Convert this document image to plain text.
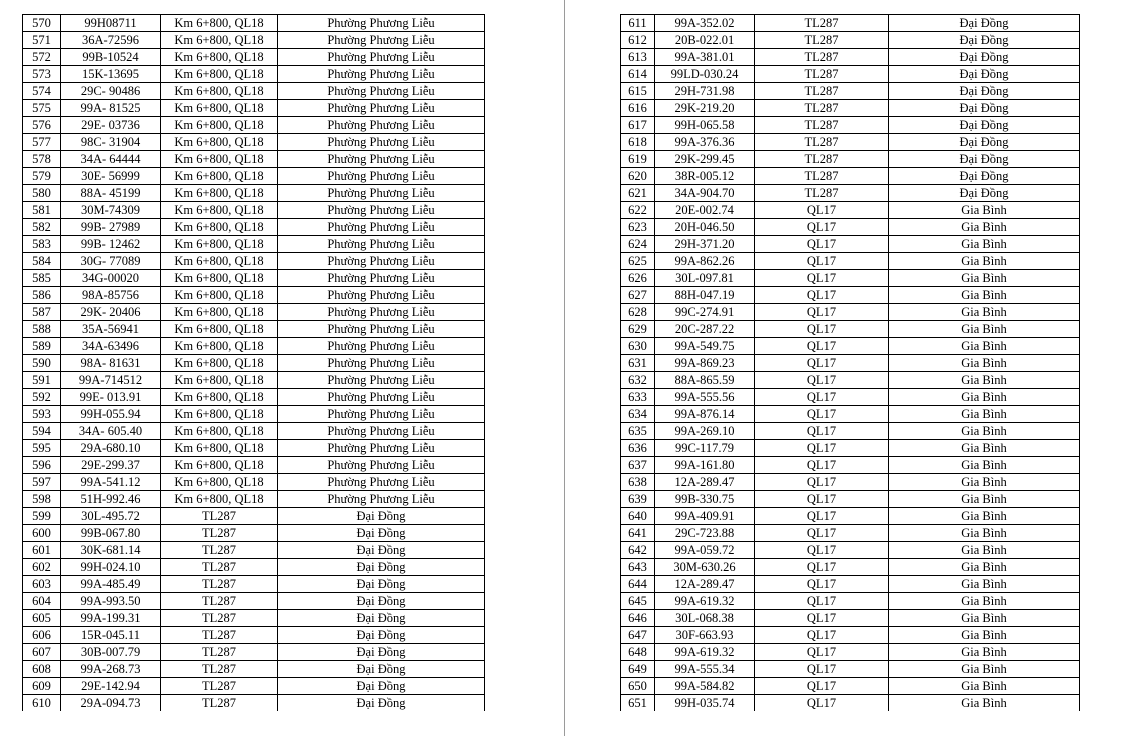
570	99H08711	Km 6+800, QL18	Phường Phương Liễu
571	36A-72596	Km 6+800, QL18	Phường Phương Liễu
572	99B-10524	Km 6+800, QL18	Phường Phương Liễu
573	15K-13695	Km 6+800, QL18	Phường Phương Liễu
574	29C- 90486	Km 6+800, QL18	Phường Phương Liễu
575	99A- 81525	Km 6+800, QL18	Phường Phương Liễu
576	29E- 03736	Km 6+800, QL18	Phường Phương Liễu
577	98C- 31904	Km 6+800, QL18	Phường Phương Liễu
578	34A- 64444	Km 6+800, QL18	Phường Phương Liễu
579	30E- 56999	Km 6+800, QL18	Phường Phương Liễu
580	88A- 45199	Km 6+800, QL18	Phường Phương Liễu
581	30M-74309	Km 6+800, QL18	Phường Phương Liễu
582	99B- 27989	Km 6+800, QL18	Phường Phương Liễu
583	99B- 12462	Km 6+800, QL18	Phường Phương Liễu
584	30G- 77089	Km 6+800, QL18	Phường Phương Liễu
585	34G-00020	Km 6+800, QL18	Phường Phương Liễu
586	98A-85756	Km 6+800, QL18	Phường Phương Liễu
587	29K- 20406	Km 6+800, QL18	Phường Phương Liễu
588	35A-56941	Km 6+800, QL18	Phường Phương Liễu
589	34A-63496	Km 6+800, QL18	Phường Phương Liễu
590	98A- 81631	Km 6+800, QL18	Phường Phương Liễu
591	99A-714512	Km 6+800, QL18	Phường Phương Liễu
592	99E- 013.91	Km 6+800, QL18	Phường Phương Liễu
593	99H-055.94	Km 6+800, QL18	Phường Phương Liễu
594	34A- 605.40	Km 6+800, QL18	Phường Phương Liễu
595	29A-680.10	Km 6+800, QL18	Phường Phương Liễu
596	29E-299.37	Km 6+800, QL18	Phường Phương Liễu
597	99A-541.12	Km 6+800, QL18	Phường Phương Liễu
598	51H-992.46	Km 6+800, QL18	Phường Phương Liễu
599	30L-495.72	TL287	Đại Đồng
600	99B-067.80	TL287	Đại Đồng
601	30K-681.14	TL287	Đại Đồng
602	99H-024.10	TL287	Đại Đồng
603	99A-485.49	TL287	Đại Đồng
604	99A-993.50	TL287	Đại Đồng
605	99A-199.31	TL287	Đại Đồng
606	15R-045.11	TL287	Đại Đồng
607	30B-007.79	TL287	Đại Đồng
608	99A-268.73	TL287	Đại Đồng
609	29E-142.94	TL287	Đại Đồng
610	29A-094.73	TL287	Đại Đồng
611	99A-352.02	TL287	Đại Đồng
612	20B-022.01	TL287	Đại Đồng
613	99A-381.01	TL287	Đại Đồng
614	99LD-030.24	TL287	Đại Đồng
615	29H-731.98	TL287	Đại Đồng
616	29K-219.20	TL287	Đại Đồng
617	99H-065.58	TL287	Đại Đồng
618	99A-376.36	TL287	Đại Đồng
619	29K-299.45	TL287	Đại Đồng
620	38R-005.12	TL287	Đại Đồng
621	34A-904.70	TL287	Đại Đồng
622	20E-002.74	QL17	Gia Bình
623	20H-046.50	QL17	Gia Bình
624	29H-371.20	QL17	Gia Bình
625	99A-862.26	QL17	Gia Bình
626	30L-097.81	QL17	Gia Bình
627	88H-047.19	QL17	Gia Bình
628	99C-274.91	QL17	Gia Bình
629	20C-287.22	QL17	Gia Bình
630	99A-549.75	QL17	Gia Bình
631	99A-869.23	QL17	Gia Bình
632	88A-865.59	QL17	Gia Bình
633	99A-555.56	QL17	Gia Bình
634	99A-876.14	QL17	Gia Bình
635	99A-269.10	QL17	Gia Bình
636	99C-117.79	QL17	Gia Bình
637	99A-161.80	QL17	Gia Bình
638	12A-289.47	QL17	Gia Bình
639	99B-330.75	QL17	Gia Bình
640	99A-409.91	QL17	Gia Bình
641	29C-723.88	QL17	Gia Bình
642	99A-059.72	QL17	Gia Bình
643	30M-630.26	QL17	Gia Bình
644	12A-289.47	QL17	Gia Bình
645	99A-619.32	QL17	Gia Bình
646	30L-068.38	QL17	Gia Bình
647	30F-663.93	QL17	Gia Bình
648	99A-619.32	QL17	Gia Bình
649	99A-555.34	QL17	Gia Bình
650	99A-584.82	QL17	Gia Bình
651	99H-035.74	QL17	Gia Bình
